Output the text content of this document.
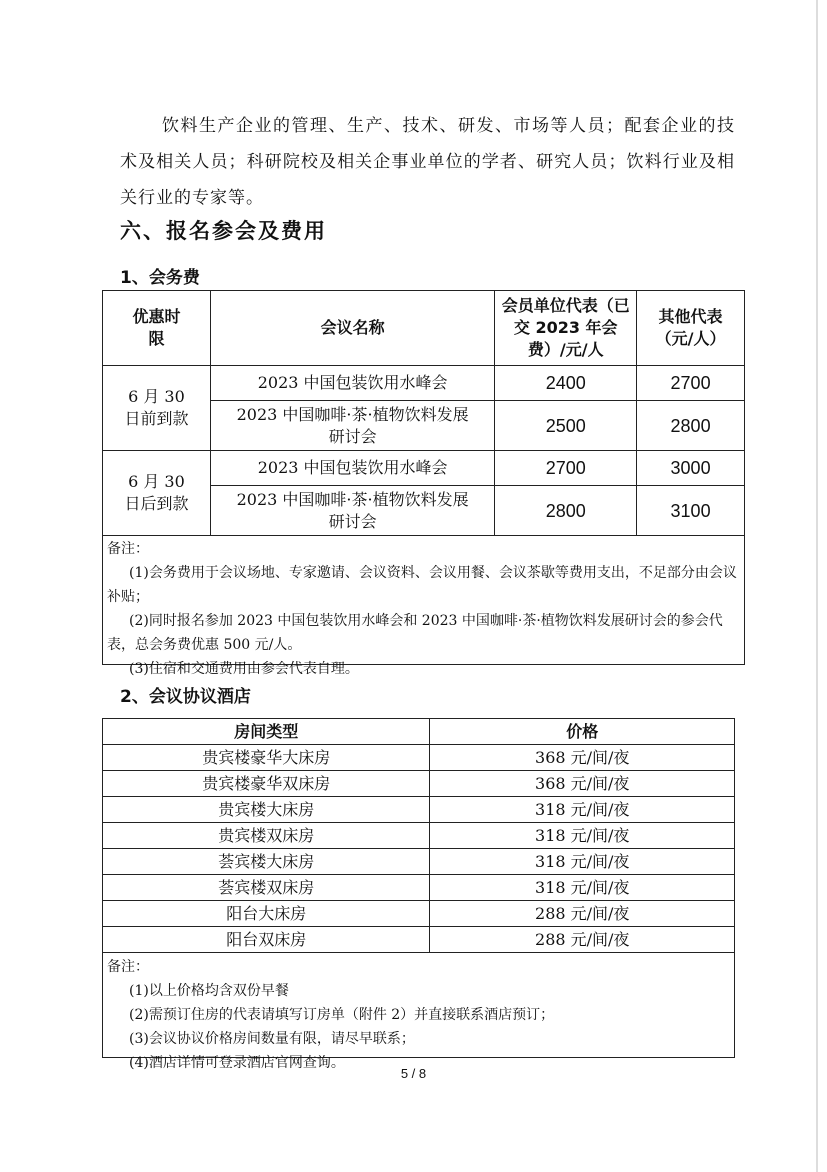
饮料生产企业的管理、生产、技术、研发、市场等人员；配套企业的技术及相关人员；科研院校及相关企事业单位的学者、研究人员；饮料行业及相关行业的专家等。

六、报名参会及费用
1、会务费
优惠时限	会议名称	会员单位代表（已交 2023 年会费）/元/人	其他代表（元/人）
6 月 30 日前到款	2023 中国包装饮用水峰会	2400	2700
	2023 中国咖啡·茶·植物饮料发展研讨会	2500	2800
6 月 30 日后到款	2023 中国包装饮用水峰会	2700	3000
	2023 中国咖啡·茶·植物饮料发展研讨会	2800	3100
备注：
(1)会务费用于会议场地、专家邀请、会议资料、会议用餐、会议茶歇等费用支出，不足部分由会议补贴；
(2)同时报名参加 2023 中国包装饮用水峰会和 2023 中国咖啡·茶·植物饮料发展研讨会的参会代表，总会务费优惠 500 元/人。
(3)住宿和交通费用由参会代表自理。
2、会议协议酒店
房间类型	价格
贵宾楼豪华大床房	368 元/间/夜
贵宾楼豪华双床房	368 元/间/夜
贵宾楼大床房	318 元/间/夜
贵宾楼双床房	318 元/间/夜
荟宾楼大床房	318 元/间/夜
荟宾楼双床房	318 元/间/夜
阳台大床房	288 元/间/夜
阳台双床房	288 元/间/夜
备注：
(1)以上价格均含双份早餐
(2)需预订住房的代表请填写订房单（附件 2）并直接联系酒店预订；
(3)会议协议价格房间数量有限，请尽早联系；
(4)酒店详情可登录酒店官网查询。
5 / 8
